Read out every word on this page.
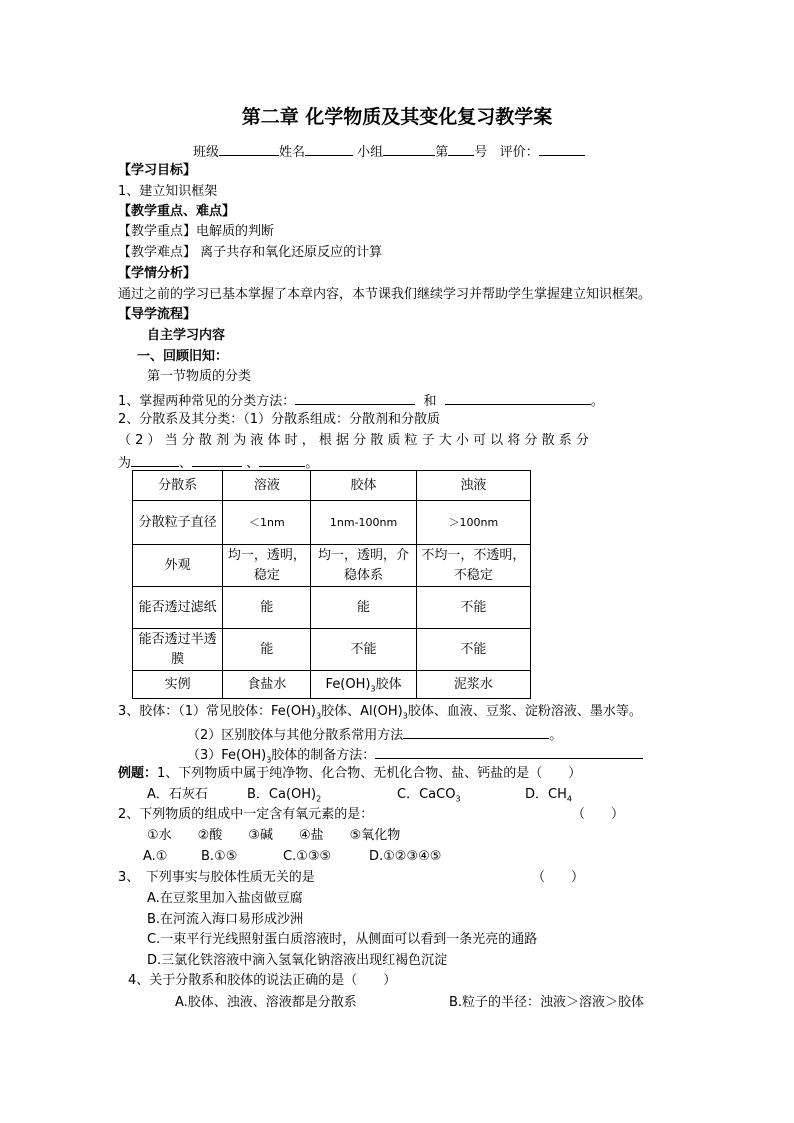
第二章 化学物质及其变化复习教学案
班级	姓名	小组	第 号 评价：
【学习目标】
1、建立知识框架
【教学重点、难点】
【教学重点】电解质的判断
【教学难点】 离子共存和氧化还原反应的计算
【学情分析】
通过之前的学习已基本掌握了本章内容，本节课我们继续学习并帮助学生掌握建立知识框架。
【导学流程】
自主学习内容
一、回顾旧知：
第一节物质的分类
1、掌握两种常见的分类方法：	和	。
2、分散系及其分类：（1）分散系组成：分散剂和分散质
（ 2 ） 当 分 散 剂 为 液 体 时 ， 根 据 分 散 质 粒 子 大 小 可 以 将 分 散 系 分
为	、	、	。
分散系	溶液	胶体	浊液
分散粒子直径	＜1nm	1nm-100nm	＞100nm
外观	均一，透明，稳定	均一，透明，介稳体系	不均一，不透明，不稳定
能否透过滤纸	能	能	不能
能否透过半透膜	能	不能	不能
实例	食盐水	$Fe(OH)_3$胶体	泥浆水
3、胶体：（1）常见胶体：$Fe(OH)_3$胶体、$Al(OH)_3$胶体、血液、豆浆、淀粉溶液、墨水等。
（2）区别胶体与其他分散系常用方法	。
$(3)Fe(OH)_3$胶体的制备方法：
例题：1、下列物质中属于纯净物、化合物、无机化合物、盐、钙盐的是（　　）
A．石灰石	B．$Ca(OH)_2$	C．CaCO$_3$	D．$CH_4$
2、下列物质的组成中一定含有氧元素的是：	（　　）
①水　　②酸　　③碱　　④盐　　⑤氧化物
A.①	B.①⑤	C.①③⑤	D.①②③④⑤
3、　下列事实与胶体性质无关的是	（　　）
A.在豆浆里加入盐卤做豆腐
B.在河流入海口易形成沙洲
C.一束平行光线照射蛋白质溶液时，从侧面可以看到一条光亮的通路
D.三氯化铁溶液中滴入氢氧化钠溶液出现红褐色沉淀
4、关于分散系和胶体的说法正确的是（　　）
A.胶体、浊液、溶液都是分散系	B.粒子的半径：浊液＞溶液＞胶体
